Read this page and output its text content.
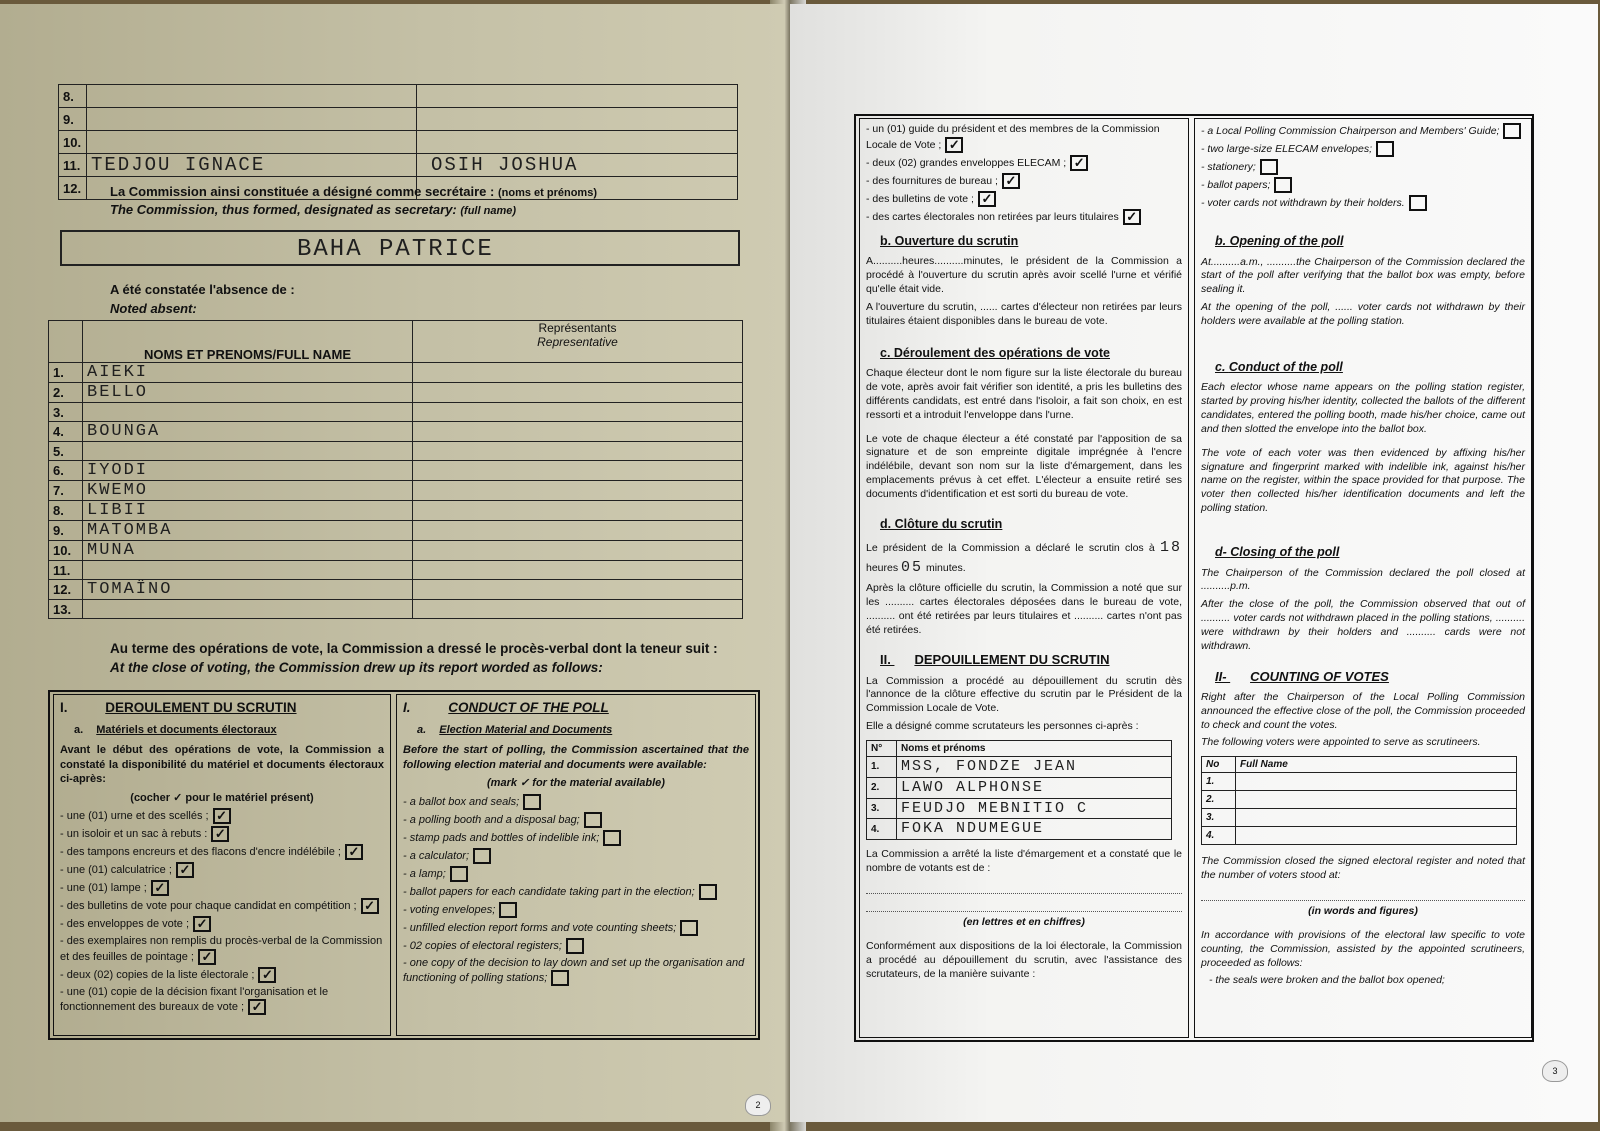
8.		
9.		
10.		
11.	TEDJOU IGNACE	OSIH JOSHUA
12.		La Commission ainsi constituée a désigné comme secrétaire : (noms et prénoms)
The Commission, thus formed, designated as secretary: (full name)
BAHA PATRICE
A été constatée l'absence de :
Noted absent:
	NOMS ET PRENOMS/FULL NAME	Représentants
Representative

1.	AIEKI	
2.	BELLO	
3.		
4.	BOUNGA	
5.		
6.	IYODI	
7.	KWEMO	
8.	LIBII	
9.	MATOMBA	
10.	MUNA	
11.		
12.	TOMAÏNO	
13.		
Au terme des opérations de vote, la Commission a dressé le procès-verbal dont la teneur suit :
At the close of voting, the Commission drew up its report worded as follows:
I.	DEROULEMENT DU SCRUTIN
a. Matériels et documents électoraux

Avant le début des opérations de vote, la Commission a constaté la disponibilité du matériel et documents électoraux ci-après:

(cocher ✓ pour le matériel présent)
- une (01) urne et des scellés ; ✓
- un isoloir et un sac à rebuts : ✓
- des tampons encreurs et des flacons d'encre indélébile ; ✓
- une (01) calculatrice ; ✓
- une (01) lampe ; ✓
- des bulletins de vote pour chaque candidat en compétition ; ✓
- des enveloppes de vote ; ✓
- des exemplaires non remplis du procès-verbal de la Commission et des feuilles de pointage ; ✓
- deux (02) copies de la liste électorale ; ✓
- une (01) copie de la décision fixant l'organisation et le fonctionnement des bureaux de vote ; ✓
I.	CONDUCT OF THE POLL
a. Election Material and Documents

Before the start of polling, the Commission ascertained that the following election material and documents were available:

(mark ✓ for the material available)
- a ballot box and seals;
- a polling booth and a disposal bag;
- stamp pads and bottles of indelible ink;
- a calculator;
- a lamp;
- ballot papers for each candidate taking part in the election;
- voting envelopes;
- unfilled election report forms and vote counting sheets;
- 02 copies of electoral registers;
- one copy of the decision to lay down and set up the organisation and functioning of polling stations;
2
- un (01) guide du président et des membres de la Commission Locale de Vote ; ✓
- deux (02) grandes enveloppes ELECAM ; ✓
- des fournitures de bureau ; ✓
- des bulletins de vote ; ✓
- des cartes électorales non retirées par leurs titulaires ✓
b. Ouverture du scrutin

A..........heures..........minutes, le président de la Commission a procédé à l'ouverture du scrutin après avoir scellé l'urne et vérifié qu'elle était vide.

A l'ouverture du scrutin, ...... cartes d'électeur non retirées par leurs titulaires étaient disponibles dans le bureau de vote.

c. Déroulement des opérations de vote

Chaque électeur dont le nom figure sur la liste électorale du bureau de vote, après avoir fait vérifier son identité, a pris les bulletins des différents candidats, est entré dans l'isoloir, a fait son choix, en est ressorti et a introduit l'enveloppe dans l'urne.

Le vote de chaque électeur a été constaté par l'apposition de sa signature et de son empreinte digitale imprégnée à l'encre indélébile, devant son nom sur la liste d'émargement, dans les emplacements prévus à cet effet. L'électeur a ensuite retiré ses documents d'identification et est sorti du bureau de vote.

d. Clôture du scrutin

Le président de la Commission a déclaré le scrutin clos à 18 heures 05 minutes.

Après la clôture officielle du scrutin, la Commission a noté que sur les .......... cartes électorales déposées dans le bureau de vote, .......... ont été retirées par leurs titulaires et .......... cartes n'ont pas été retirées.

II. DEPOUILLEMENT DU SCRUTIN

La Commission a procédé au dépouillement du scrutin dès l'annonce de la clôture effective du scrutin par le Président de la Commission Locale de Vote.

Elle a désigné comme scrutateurs les personnes ci-après :
N°	Noms et prénoms
1.	MSS, FONDZE JEAN
2.	LAWO ALPHONSE
3.	FEUDJO MEBNITIO C
4.	FOKA NDUMEGUE

La Commission a arrêté la liste d'émargement et a constaté que le nombre de votants est de :

(en lettres et en chiffres)

Conformément aux dispositions de la loi électorale, la Commission a procédé au dépouillement du scrutin, avec l'assistance des scrutateurs, de la manière suivante :

- a Local Polling Commission Chairperson and Members' Guide;
- two large-size ELECAM envelopes;
- stationery;
- ballot papers;
- voter cards not withdrawn by their holders.
b. Opening of the poll

At..........a.m., ..........the Chairperson of the Commission declared the start of the poll after verifying that the ballot box was empty, before sealing it.

At the opening of the poll, ...... voter cards not withdrawn by their holders were available at the polling station.

c. Conduct of the poll

Each elector whose name appears on the polling station register, started by proving his/her identity, collected the ballots of the different candidates, entered the polling booth, made his/her choice, came out and then slotted the envelope into the ballot box.

The vote of each voter was then evidenced by affixing his/her signature and fingerprint marked with indelible ink, against his/her name on the register, within the space provided for that purpose. The voter then collected his/her identification documents and left the polling station.

d- Closing of the poll

The Chairperson of the Commission declared the poll closed at ..........p.m.

After the close of the poll, the Commission observed that out of .......... voter cards not withdrawn placed in the polling stations, .......... were withdrawn by their holders and .......... cards were not withdrawn.

II- COUNTING OF VOTES

Right after the Chairperson of the Local Polling Commission announced the effective close of the poll, the Commission proceeded to check and count the votes.

The following voters were appointed to serve as scrutineers.
No	Full Name
1.	
2.	
3.	
4.	

The Commission closed the signed electoral register and noted that the number of voters stood at:

(in words and figures)

In accordance with provisions of the electoral law specific to vote counting, the Commission, assisted by the appointed scrutineers, proceeded as follows:

- the seals were broken and the ballot box opened;
3
